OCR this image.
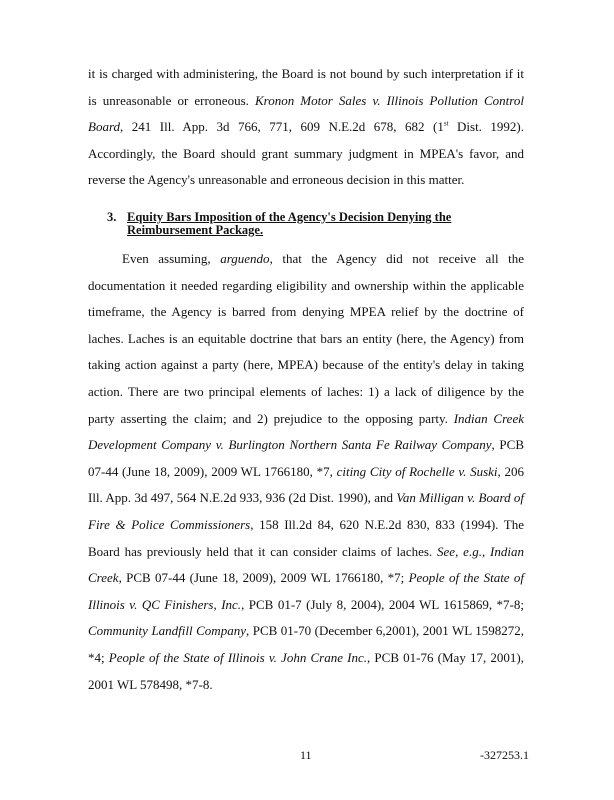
it is charged with administering, the Board is not bound by such interpretation if it is unreasonable or erroneous. Kronon Motor Sales v. Illinois Pollution Control Board, 241 Ill. App. 3d 766, 771, 609 N.E.2d 678, 682 (1st Dist. 1992). Accordingly, the Board should grant summary judgment in MPEA's favor, and reverse the Agency's unreasonable and erroneous decision in this matter.

3. Equity Bars Imposition of the Agency's Decision Denying the
Reimbursement Package.

Even assuming, arguendo, that the Agency did not receive all the documentation it needed regarding eligibility and ownership within the applicable timeframe, the Agency is barred from denying MPEA relief by the doctrine of laches. Laches is an equitable doctrine that bars an entity (here, the Agency) from taking action against a party (here, MPEA) because of the entity's delay in taking action. There are two principal elements of laches: 1) a lack of diligence by the party asserting the claim; and 2) prejudice to the opposing party. Indian Creek Development Company v. Burlington Northern Santa Fe Railway Company, PCB 07-44 (June 18, 2009), 2009 WL 1766180, *7, citing City of Rochelle v. Suski, 206 Ill. App. 3d 497, 564 N.E.2d 933, 936 (2d Dist. 1990), and Van Milligan v. Board of Fire & Police Commissioners, 158 Ill.2d 84, 620 N.E.2d 830, 833 (1994). The Board has previously held that it can consider claims of laches. See, e.g., Indian Creek, PCB 07-44 (June 18, 2009), 2009 WL 1766180, *7; People of the State of Illinois v. QC Finishers, Inc., PCB 01-7 (July 8, 2004), 2004 WL 1615869, *7-8; Community Landfill Company, PCB 01-70 (December 6,2001), 2001 WL 1598272, *4; People of the State of Illinois v. John Crane Inc., PCB 01-76 (May 17, 2001), 2001 WL 578498, *7-8.

11	-327253.1
